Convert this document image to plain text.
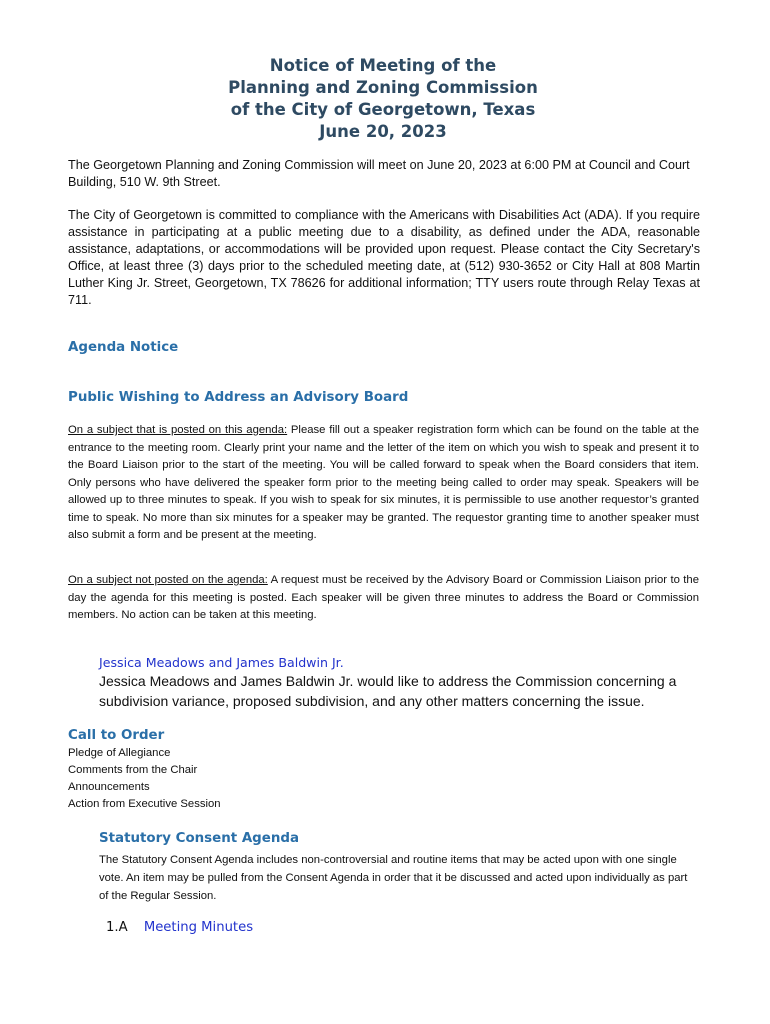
Notice of Meeting of the
Planning and Zoning Commission
of the City of Georgetown, Texas
June 20, 2023
The Georgetown Planning and Zoning Commission will meet on June 20, 2023 at 6:00 PM at Council and Court Building, 510 W. 9th Street.
The City of Georgetown is committed to compliance with the Americans with Disabilities Act (ADA). If you require assistance in participating at a public meeting due to a disability, as defined under the ADA, reasonable assistance, adaptations, or accommodations will be provided upon request. Please contact the City Secretary's Office, at least three (3) days prior to the scheduled meeting date, at (512) 930-3652 or City Hall at 808 Martin Luther King Jr. Street, Georgetown, TX 78626 for additional information; TTY users route through Relay Texas at 711.
Agenda Notice
Public Wishing to Address an Advisory Board
On a subject that is posted on this agenda: Please fill out a speaker registration form which can be found on the table at the entrance to the meeting room. Clearly print your name and the letter of the item on which you wish to speak and present it to the Board Liaison prior to the start of the meeting. You will be called forward to speak when the Board considers that item. Only persons who have delivered the speaker form prior to the meeting being called to order may speak. Speakers will be allowed up to three minutes to speak. If you wish to speak for six minutes, it is permissible to use another requestor’s granted time to speak. No more than six minutes for a speaker may be granted. The requestor granting time to another speaker must also submit a form and be present at the meeting.
On a subject not posted on the agenda: A request must be received by the Advisory Board or Commission Liaison prior to the day the agenda for this meeting is posted. Each speaker will be given three minutes to address the Board or Commission members. No action can be taken at this meeting.
Jessica Meadows and James Baldwin Jr.
Jessica Meadows and James Baldwin Jr. would like to address the Commission concerning a subdivision variance, proposed subdivision, and any other matters concerning the issue.
Call to Order
Pledge of Allegiance
Comments from the Chair
Announcements
Action from Executive Session
Statutory Consent Agenda
The Statutory Consent Agenda includes non-controversial and routine items that may be acted upon with one single vote. An item may be pulled from the Consent Agenda in order that it be discussed and acted upon individually as part of the Regular Session.
1.A Meeting Minutes
